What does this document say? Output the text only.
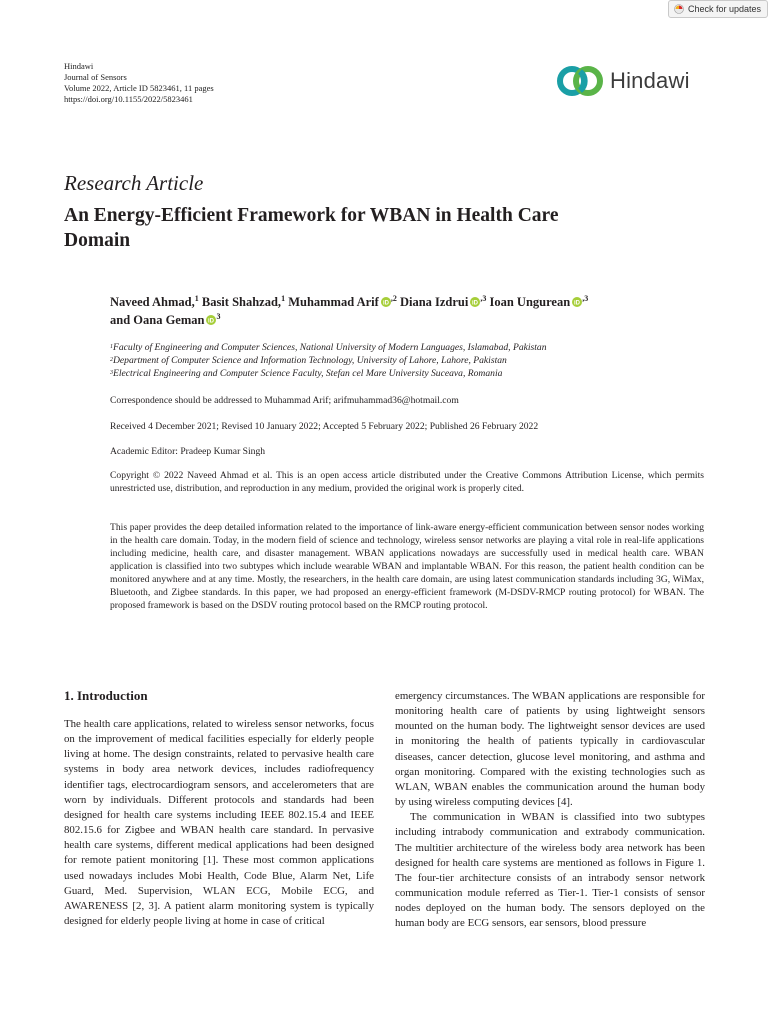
Check for updates
Hindawi
Journal of Sensors
Volume 2022, Article ID 5823461, 11 pages
https://doi.org/10.1155/2022/5823461
Hindawi
Research Article
An Energy-Efficient Framework for WBAN in Health Care Domain
Naveed Ahmad,$^1$ Basit Shahzad,$^1$ Muhammad Arif iD
$^{,2}$ Diana Izdrui iD
$^{,3}$ Ioan Ungurean iD
$^{,3}$
and Oana Geman iD
$^3$
$^1$Faculty of Engineering and Computer Sciences, National University of Modern Languages, Islamabad, Pakistan
$^2$Department of Computer Science and Information Technology, University of Lahore, Lahore, Pakistan
$^3$Electrical Engineering and Computer Science Faculty, Stefan cel Mare University Suceava, Romania
Correspondence should be addressed to Muhammad Arif; arifmuhammad36@hotmail.com
Received 4 December 2021; Revised 10 January 2022; Accepted 5 February 2022; Published 26 February 2022
Academic Editor: Pradeep Kumar Singh
Copyright © 2022 Naveed Ahmad et al. This is an open access article distributed under the Creative Commons Attribution License, which permits unrestricted use, distribution, and reproduction in any medium, provided the original work is properly cited.
This paper provides the deep detailed information related to the importance of link-aware energy-efficient communication between sensor nodes working in the health care domain. Today, in the modern field of science and technology, wireless sensor networks are playing a vital role in real-life applications including medicine, health care, and disaster management. WBAN applications nowadays are successfully used in medical health care. WBAN application is classified into two subtypes which include wearable WBAN and implantable WBAN. For this reason, the patient health condition can be monitored anywhere and at any time. Mostly, the researchers, in the health care domain, are using latest communication standards including 3G, WiMax, Bluetooth, and Zigbee standards. In this paper, we had proposed an energy-efficient framework (M-DSDV-RMCP routing protocol) for WBAN. The proposed framework is based on the DSDV routing protocol based on the RMCP routing protocol.
1. Introduction
The health care applications, related to wireless sensor networks, focus on the improvement of medical facilities especially for elderly people living at home. The design constraints, related to pervasive health care systems in body area network devices, includes radiofrequency identifier tags, electrocardiogram sensors, and accelerometers that are worn by individuals. Different protocols and standards had been designed for health care systems including IEEE 802.15.4 and IEEE 802.15.6 for Zigbee and WBAN health care standard. In pervasive health care systems, different medical applications had been designed for remote patient monitoring [1]. These most common applications used nowadays includes Mobi Health, Code Blue, Alarm Net, Life Guard, Med. Supervision, WLAN ECG, Mobile ECG, and AWARENESS [2, 3]. A patient alarm monitoring system is typically designed for elderly people living at home in case of critical

emergency circumstances. The WBAN applications are responsible for monitoring health care of patients by using lightweight sensors mounted on the human body. The lightweight sensor devices are used in monitoring the health of patients typically in cardiovascular diseases, cancer detection, glucose level monitoring, and asthma and organ monitoring. Compared with the existing technologies such as WLAN, WBAN enables the communication around the human body by using wireless computing devices [4].

The communication in WBAN is classified into two subtypes including intrabody communication and extrabody communication. The multitier architecture of the wireless body area network has been designed for health care systems are mentioned as follows in Figure 1. The four-tier architecture consists of an intrabody sensor network communication module referred as Tier-1. Tier-1 consists of sensor nodes deployed on the human body. The sensors deployed on the human body are ECG sensors, ear sensors, blood pressure
